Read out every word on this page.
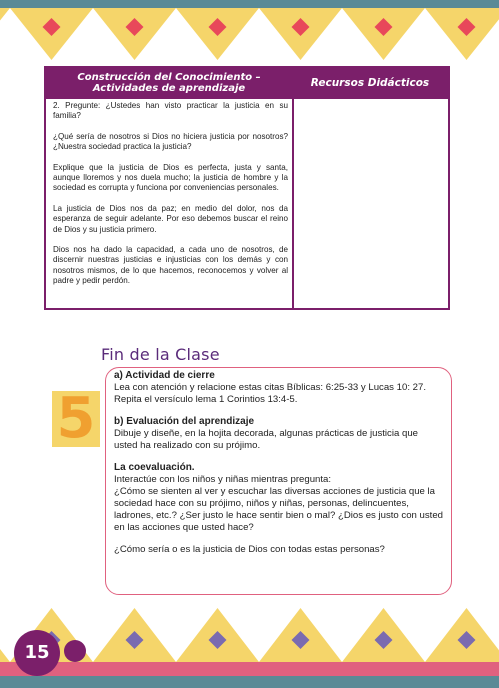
Construcción del Conocimiento –
Actividades de aprendizaje	Recursos Didácticos

2. Pregunte: ¿Ustedes han visto practicar la justicia en su familia?

¿Qué sería de nosotros si Dios no hiciera justicia por nosotros? ¿Nuestra sociedad practica la justicia?

Explique que la justicia de Dios es perfecta, justa y santa, aunque lloremos y nos duela mucho; la justicia de hombre y la sociedad es corrupta y funciona por conveniencias personales.

La justicia de Dios nos da paz; en medio del dolor, nos da esperanza de seguir adelante. Por eso debemos buscar el reino de Dios y su justicia primero.

Dios nos ha dado la capacidad, a cada uno de nosotros, de discernir nuestras justicias e injusticias con los demás y con nosotros mismos, de lo que hacemos, reconocemos y volver al padre y pedir perdón.

Fin de la Clase
5

a) Actividad de cierre

Lea con atención y relacione estas citas Bíblicas: 6:25-33 y Lucas 10: 27. Repita el versículo lema 1 Corintios 13:4-5.

b) Evaluación del aprendizaje

Dibuje y diseñe, en la hojita decorada, algunas prácticas de justicia que usted ha realizado con su prójimo.

La coevaluación.

Interactúe con los niños y niñas mientras pregunta:

¿Cómo se sienten al ver y escuchar las diversas acciones de justicia que la sociedad hace con su prójimo, niños y niñas, personas, delincuentes, ladrones, etc.? ¿Ser justo le hace sentir bien o mal? ¿Dios es justo con usted en las acciones que usted hace?

¿Cómo sería o es la justicia de Dios con todas estas personas?

15
